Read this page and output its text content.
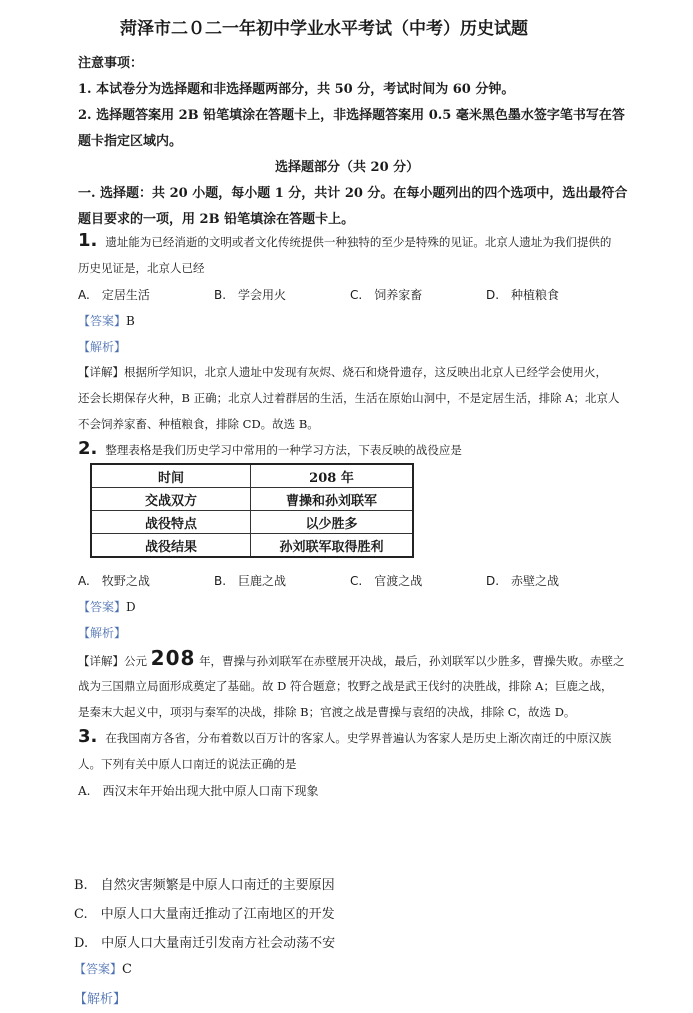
菏泽市二０二一年初中学业水平考试（中考）历史试题
注意事项：
1. 本试卷分为选择题和非选择题两部分，共 50 分，考试时间为 60 分钟。
2. 选择题答案用 2B 铅笔填涂在答题卡上，非选择题答案用 0.5 毫米黑色墨水签字笔书写在答
题卡指定区域内。
选择题部分（共 20 分）
一. 选择题：共 20 小题，每小题 1 分，共计 20 分。在每小题列出的四个选项中，选出最符合
题目要求的一项，用 2B 铅笔填涂在答题卡上。
1. 遗址能为已经消逝的文明或者文化传统提供一种独特的至少是特殊的见证。北京人遗址为我们提供的
历史见证是，北京人已经
A.　定居生活	B.　学会用火	C.　饲养家畜	D.　种植粮食
【答案】B
【解析】
【详解】根据所学知识，北京人遗址中发现有灰烬、烧石和烧骨遗存，这反映出北京人已经学会使用火，
还会长期保存火种，B 正确；北京人过着群居的生活，生活在原始山洞中，不是定居生活，排除 A；北京人
不会饲养家畜、种植粮食，排除 CD。故选 B。
2. 整理表格是我们历史学习中常用的一种学习方法，下表反映的战役应是
时间	208 年
交战双方	曹操和孙刘联军
战役特点	以少胜多
战役结果	孙刘联军取得胜利
A.　牧野之战	B.　巨鹿之战	C.　官渡之战	D.　赤壁之战
【答案】D
【解析】
【详解】公元 208 年，曹操与孙刘联军在赤壁展开决战，最后，孙刘联军以少胜多，曹操失败。赤壁之
战为三国鼎立局面形成奠定了基础。故 D 符合题意；牧野之战是武王伐纣的决胜战，排除 A；巨鹿之战，
是秦末大起义中，项羽与秦军的决战，排除 B；官渡之战是曹操与袁绍的决战，排除 C，故选 D。
3. 在我国南方各省，分布着数以百万计的客家人。史学界普遍认为客家人是历史上渐次南迁的中原汉族
人。下列有关中原人口南迁的说法正确的是
A.　西汉末年开始出现大批中原人口南下现象
B.　自然灾害频繁是中原人口南迁的主要原因
C.　中原人口大量南迁推动了江南地区的开发
D.　中原人口大量南迁引发南方社会动荡不安
【答案】C
【解析】
